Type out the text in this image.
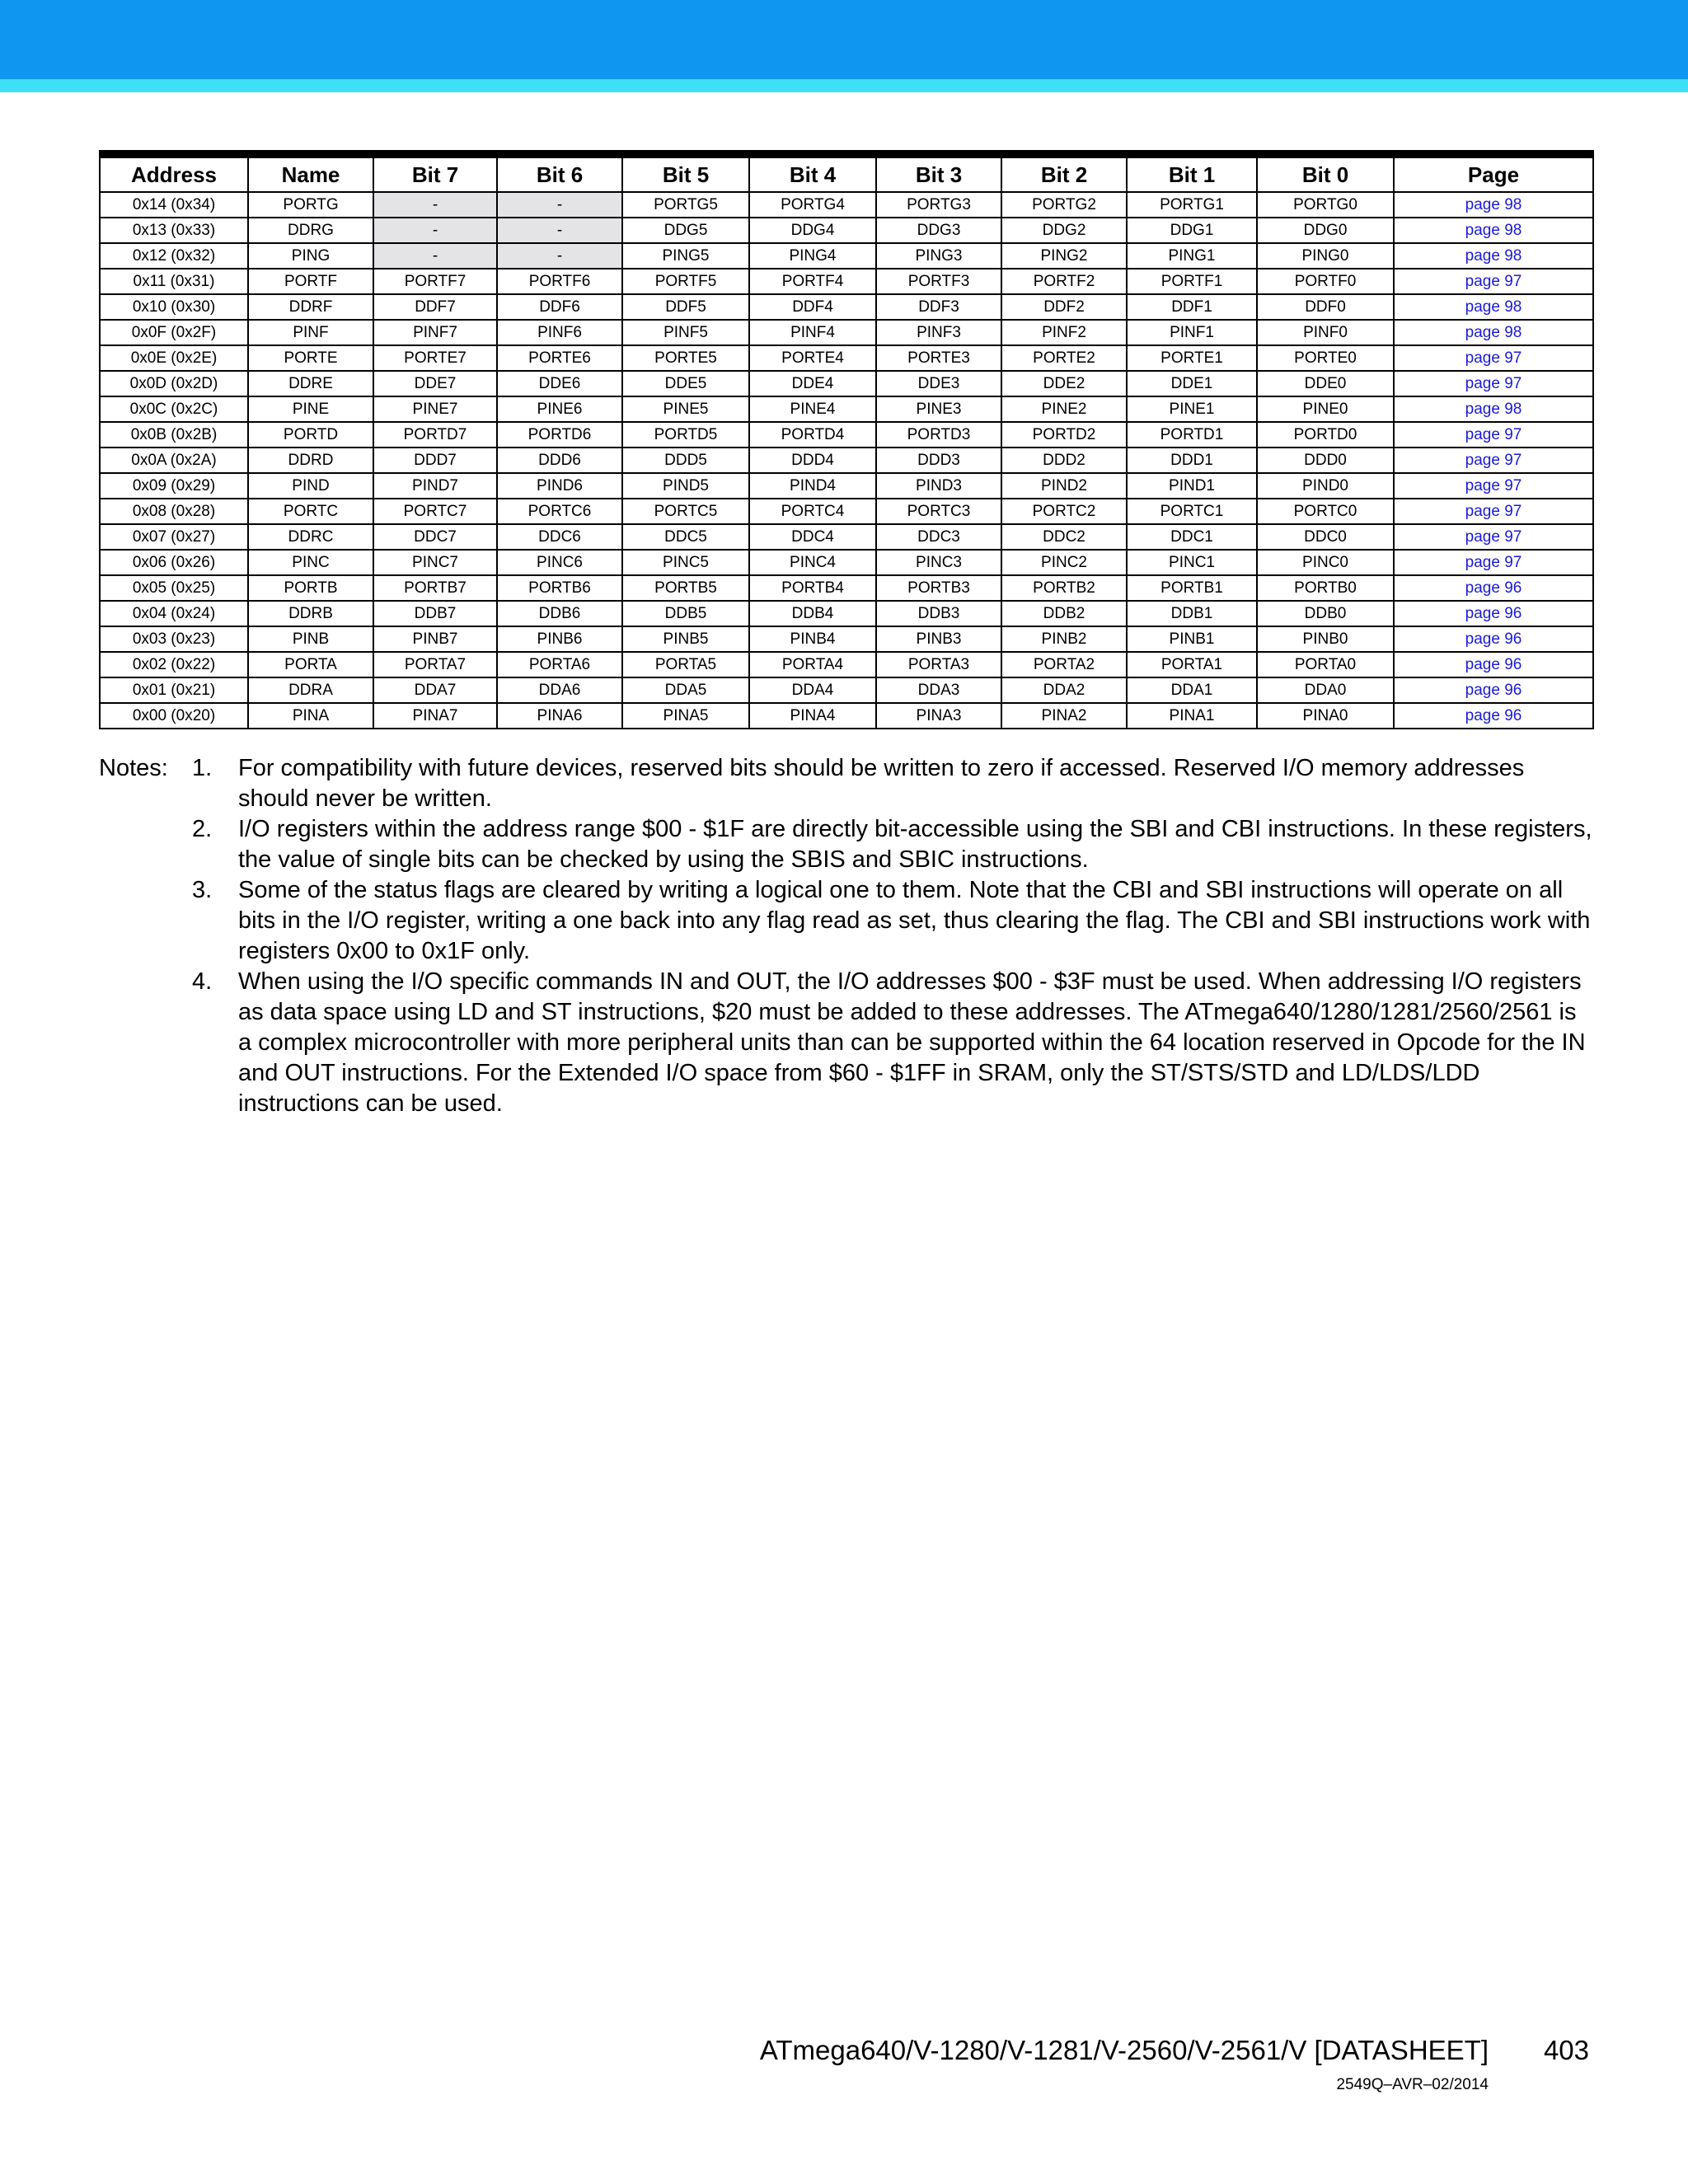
Address	Name	Bit 7	Bit 6	Bit 5	Bit 4	Bit 3	Bit 2	Bit 1	Bit 0	Page
0x14 (0x34)	PORTG	-	-	PORTG5	PORTG4	PORTG3	PORTG2	PORTG1	PORTG0	page 98
0x13 (0x33)	DDRG	-	-	DDG5	DDG4	DDG3	DDG2	DDG1	DDG0	page 98
0x12 (0x32)	PING	-	-	PING5	PING4	PING3	PING2	PING1	PING0	page 98
0x11 (0x31)	PORTF	PORTF7	PORTF6	PORTF5	PORTF4	PORTF3	PORTF2	PORTF1	PORTF0	page 97
0x10 (0x30)	DDRF	DDF7	DDF6	DDF5	DDF4	DDF3	DDF2	DDF1	DDF0	page 98
0x0F (0x2F)	PINF	PINF7	PINF6	PINF5	PINF4	PINF3	PINF2	PINF1	PINF0	page 98
0x0E (0x2E)	PORTE	PORTE7	PORTE6	PORTE5	PORTE4	PORTE3	PORTE2	PORTE1	PORTE0	page 97
0x0D (0x2D)	DDRE	DDE7	DDE6	DDE5	DDE4	DDE3	DDE2	DDE1	DDE0	page 97
0x0C (0x2C)	PINE	PINE7	PINE6	PINE5	PINE4	PINE3	PINE2	PINE1	PINE0	page 98
0x0B (0x2B)	PORTD	PORTD7	PORTD6	PORTD5	PORTD4	PORTD3	PORTD2	PORTD1	PORTD0	page 97
0x0A (0x2A)	DDRD	DDD7	DDD6	DDD5	DDD4	DDD3	DDD2	DDD1	DDD0	page 97
0x09 (0x29)	PIND	PIND7	PIND6	PIND5	PIND4	PIND3	PIND2	PIND1	PIND0	page 97
0x08 (0x28)	PORTC	PORTC7	PORTC6	PORTC5	PORTC4	PORTC3	PORTC2	PORTC1	PORTC0	page 97
0x07 (0x27)	DDRC	DDC7	DDC6	DDC5	DDC4	DDC3	DDC2	DDC1	DDC0	page 97
0x06 (0x26)	PINC	PINC7	PINC6	PINC5	PINC4	PINC3	PINC2	PINC1	PINC0	page 97
0x05 (0x25)	PORTB	PORTB7	PORTB6	PORTB5	PORTB4	PORTB3	PORTB2	PORTB1	PORTB0	page 96
0x04 (0x24)	DDRB	DDB7	DDB6	DDB5	DDB4	DDB3	DDB2	DDB1	DDB0	page 96
0x03 (0x23)	PINB	PINB7	PINB6	PINB5	PINB4	PINB3	PINB2	PINB1	PINB0	page 96
0x02 (0x22)	PORTA	PORTA7	PORTA6	PORTA5	PORTA4	PORTA3	PORTA2	PORTA1	PORTA0	page 96
0x01 (0x21)	DDRA	DDA7	DDA6	DDA5	DDA4	DDA3	DDA2	DDA1	DDA0	page 96
0x00 (0x20)	PINA	PINA7	PINA6	PINA5	PINA4	PINA3	PINA2	PINA1	PINA0	page 96
Notes: 1. For compatibility with future devices, reserved bits should be written to zero if accessed. Reserved I/O memory addresses should never be written.
2. I/O registers within the address range $00 - $1F are directly bit-accessible using the SBI and CBI instructions. In these registers, the value of single bits can be checked by using the SBIS and SBIC instructions.
3. Some of the status flags are cleared by writing a logical one to them. Note that the CBI and SBI instructions will operate on all bits in the I/O register, writing a one back into any flag read as set, thus clearing the flag. The CBI and SBI instructions work with registers 0x00 to 0x1F only.
4. When using the I/O specific commands IN and OUT, the I/O addresses $00 - $3F must be used. When addressing I/O registers as data space using LD and ST instructions, $20 must be added to these addresses. The ATmega640/1280/1281/2560/2561 is a complex microcontroller with more peripheral units than can be supported within the 64 location reserved in Opcode for the IN and OUT instructions. For the Extended I/O space from $60 - $1FF in SRAM, only the ST/STS/STD and LD/LDS/LDD instructions can be used.
ATmega640/V-1280/V-1281/V-2560/V-2561/V [DATASHEET] 403
2549Q–AVR–02/2014
